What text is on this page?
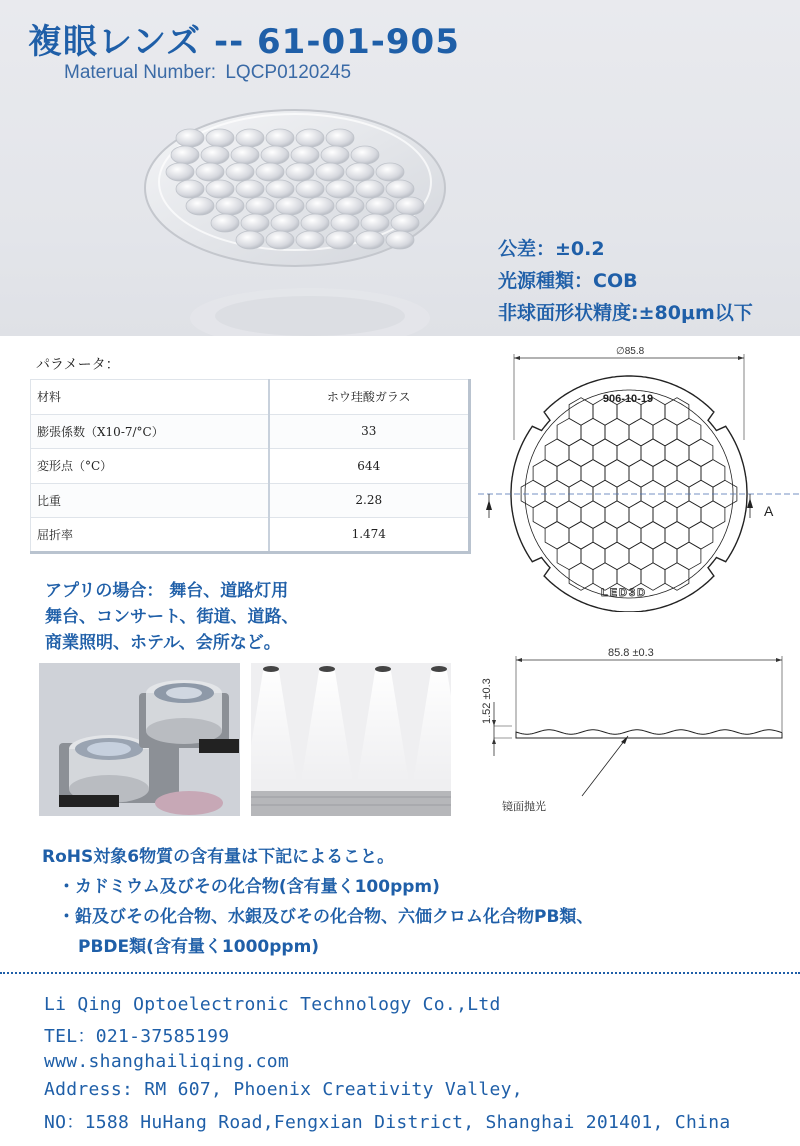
複眼レンズ -- 61-01-905
Materual Number: LQCP0120245
公差：±0.2
光源種類：COB
非球面形状精度:±80μm以下
パラメータ：
材料	ホウ珪酸ガラス
膨張係数（X10-7/°C）	33
変形点（°C）	644
比重	2.28
屈折率	1.474
∅85.8
A
906-10-19
LED3D
85.8 ±0.3
1.52 ±0.3
镜面抛光
アプリの場合： 舞台、道路灯用
舞台、コンサート、街道、道路、
商業照明、ホテル、会所など。
RoHS対象6物質の含有量は下記によること。
・カドミウム及びその化合物(含有量く100ppm)
・鉛及びその化合物、水銀及びその化合物、六価クロム化合物PB類、
PBDE類(含有量く1000ppm)
Li Qing Optoelectronic Technology Co.,Ltd
TEL：021-37585199
www.shanghailiqing.com
Address: RM 607, Phoenix Creativity Valley,
NO：1588 HuHang Road,Fengxian District, Shanghai 201401, China
